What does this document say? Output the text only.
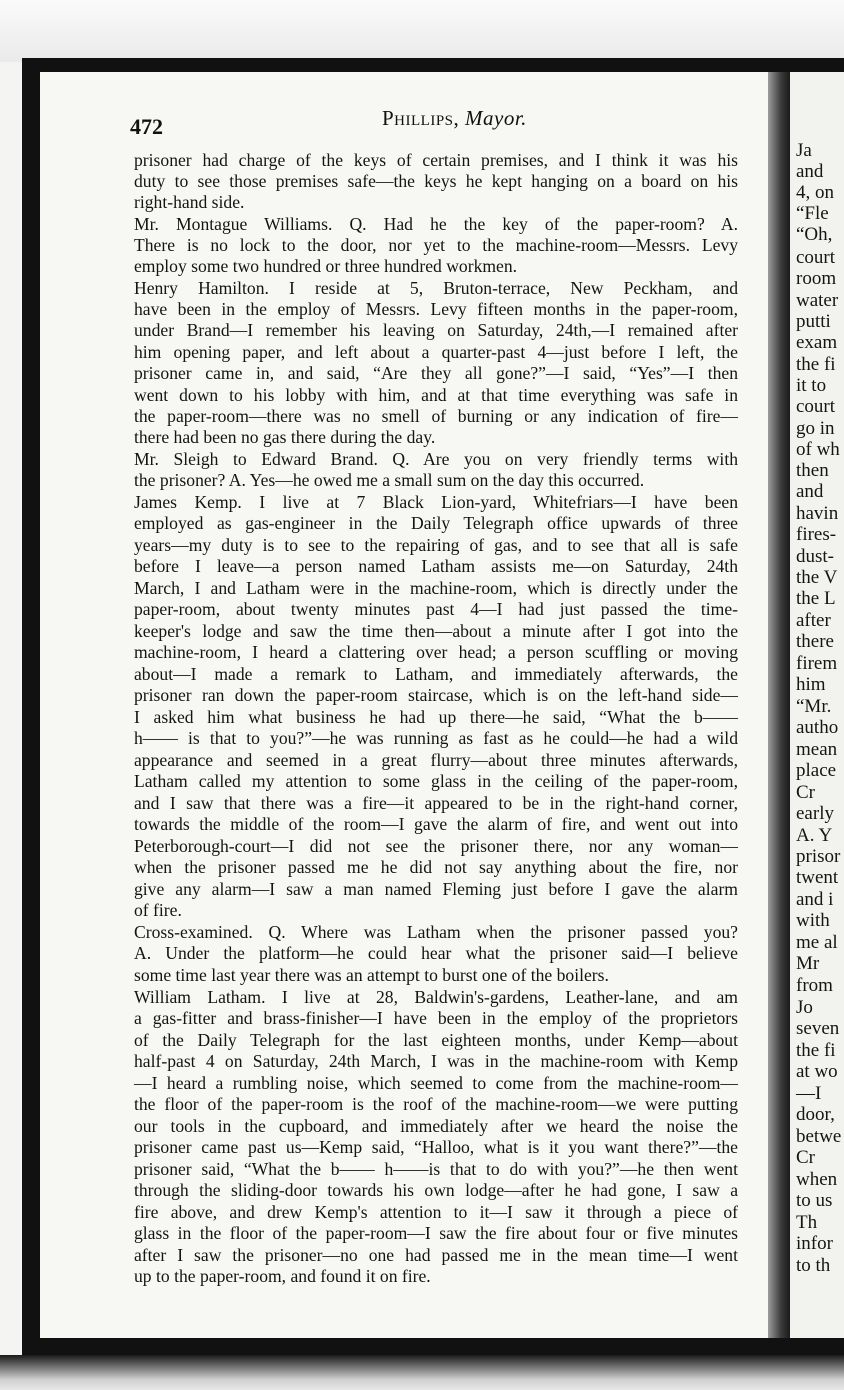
Ja
and
4, on
“Fle
“Oh,
court
room
water
putti
exam
the fi
it to
court
go in
of wh
then
and
havin
fires-
dust-
the V
the L
after
there
firem
him
“Mr.
autho
mean
place
Cr
early
A. Y
prisor
twent
and i
with
me al
Mr
from
Jo
seven
the fi
at wo
—I
door,
betwe
Cr
when
to us
Th
infor
to th
472	Phillips, Mayor.
prisoner had charge of the keys of certain premises, and I think it was his
duty to see those premises safe—the keys he kept hanging on a board on his
right-hand side.
Mr. Montague Williams. Q. Had he the key of the paper-room? A.
There is no lock to the door, nor yet to the machine-room—Messrs. Levy
employ some two hundred or three hundred workmen.
Henry Hamilton. I reside at 5, Bruton-terrace, New Peckham, and
have been in the employ of Messrs. Levy fifteen months in the paper-room,
under Brand—I remember his leaving on Saturday, 24th,—I remained after
him opening paper, and left about a quarter-past 4—just before I left, the
prisoner came in, and said, “Are they all gone?”—I said, “Yes”—I then
went down to his lobby with him, and at that time everything was safe in
the paper-room—there was no smell of burning or any indication of fire—
there had been no gas there during the day.
Mr. Sleigh to Edward Brand. Q. Are you on very friendly terms with
the prisoner? A. Yes—he owed me a small sum on the day this occurred.
James Kemp. I live at 7 Black Lion-yard, Whitefriars—I have been
employed as gas-engineer in the Daily Telegraph office upwards of three
years—my duty is to see to the repairing of gas, and to see that all is safe
before I leave—a person named Latham assists me—on Saturday, 24th
March, I and Latham were in the machine-room, which is directly under the
paper-room, about twenty minutes past 4—I had just passed the time-
keeper's lodge and saw the time then—about a minute after I got into the
machine-room, I heard a clattering over head; a person scuffling or moving
about—I made a remark to Latham, and immediately afterwards, the
prisoner ran down the paper-room staircase, which is on the left-hand side—
I asked him what business he had up there—he said, “What the b——
h—— is that to you?”—he was running as fast as he could—he had a wild
appearance and seemed in a great flurry—about three minutes afterwards,
Latham called my attention to some glass in the ceiling of the paper-room,
and I saw that there was a fire—it appeared to be in the right-hand corner,
towards the middle of the room—I gave the alarm of fire, and went out into
Peterborough-court—I did not see the prisoner there, nor any woman—
when the prisoner passed me he did not say anything about the fire, nor
give any alarm—I saw a man named Fleming just before I gave the alarm
of fire.
Cross-examined. Q. Where was Latham when the prisoner passed you?
A. Under the platform—he could hear what the prisoner said—I believe
some time last year there was an attempt to burst one of the boilers.
William Latham. I live at 28, Baldwin's-gardens, Leather-lane, and am
a gas-fitter and brass-finisher—I have been in the employ of the proprietors
of the Daily Telegraph for the last eighteen months, under Kemp—about
half-past 4 on Saturday, 24th March, I was in the machine-room with Kemp
—I heard a rumbling noise, which seemed to come from the machine-room—
the floor of the paper-room is the roof of the machine-room—we were putting
our tools in the cupboard, and immediately after we heard the noise the
prisoner came past us—Kemp said, “Halloo, what is it you want there?”—the
prisoner said, “What the b—— h——is that to do with you?”—he then went
through the sliding-door towards his own lodge—after he had gone, I saw a
fire above, and drew Kemp's attention to it—I saw it through a piece of
glass in the floor of the paper-room—I saw the fire about four or five minutes
after I saw the prisoner—no one had passed me in the mean time—I went
up to the paper-room, and found it on fire.
